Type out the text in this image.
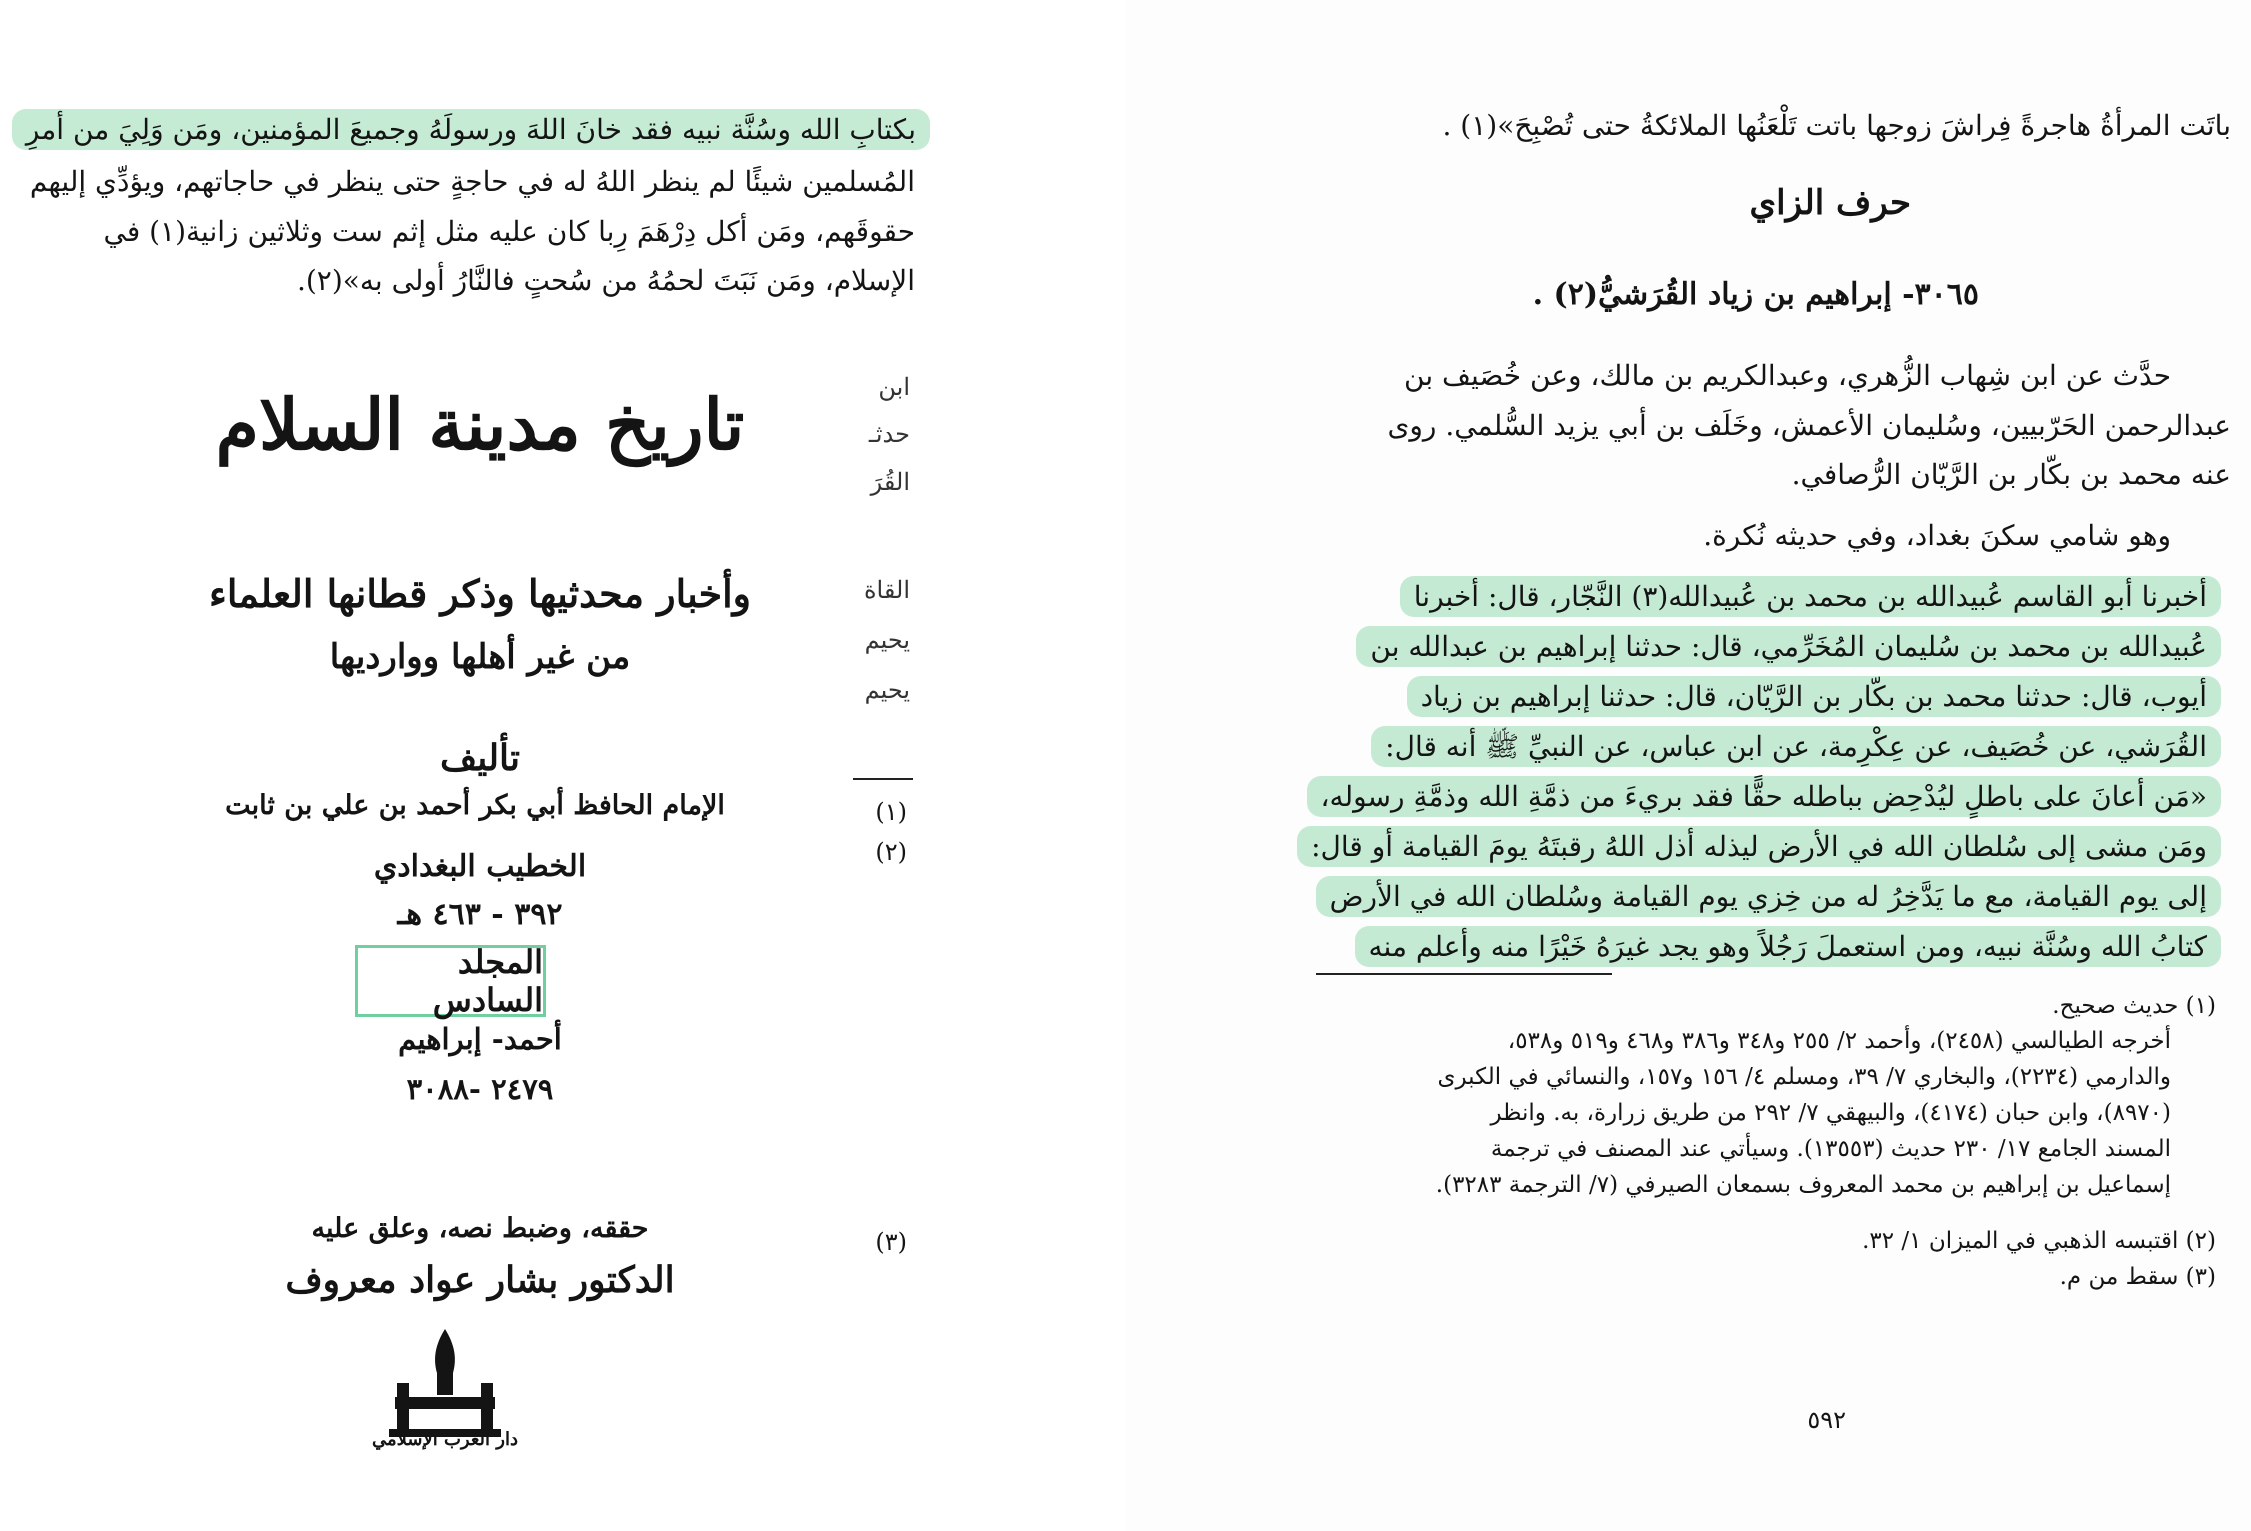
بكتابِ الله وسُنَّة نبيه فقد خانَ اللهَ ورسولَهُ وجميعَ المؤمنين، ومَن وَلِيَ من أمرِ
المُسلمين شيئًا لم ينظر اللهُ له في حاجةٍ حتى ينظر في حاجاتهم، ويؤدِّي إليهم
حقوقَهم، ومَن أكل دِرْهَمَ رِبا كان عليه مثل إثم ست وثلاثين زانية(١) في
الإسلام، ومَن نَبَتَ لحمُهُ من سُحتٍ فالنَّارُ أولى به»(٢).
ابن
حدثـ
القُرَ
القاة
يحيم
يحيم
(١)
(٢)
(٣)
تاريخ مدينة السلام
وأخبار محدثيها وذكر قطانها العلماء
من غير أهلها ووارديها
تأليف
الإمام الحافظ أبي بكر أحمد بن علي بن ثابت
الخطيب البغدادي
٣٩٢ - ٤٦٣ هـ
المجلد السادس
أحمد- إبراهيم
٢٤٧٩ -٣٠٨٨
حققه، وضبط نصه، وعلق عليه
الدكتور بشار عواد معروف
دار الغرب الإسلامي
باتَت المرأةُ هاجرةً فِراشَ زوجها باتت تَلْعَنُها الملائكةُ حتى تُصْبِحَ»(١) .
حرف الزاي
٣٠٦٥- إبراهيم بن زياد القُرَشيُّ(٢) .
حدَّث عن ابن شِهاب الزُّهري، وعبدالكريم بن مالك، وعن خُصَيف بن
عبدالرحمن الحَرّبيين، وسُليمان الأعمش، وخَلَف بن أبي يزيد السُّلمي. روى
عنه محمد بن بكّار بن الرَّيّان الرُّصافي.
وهو شامي سكنَ بغداد، وفي حديثه نُكرة.
أخبرنا أبو القاسم عُبيدالله بن محمد بن عُبيدالله(٣) النَّجّار، قال: أخبرنا
عُبيدالله بن محمد بن سُليمان المُخَرِّمي، قال: حدثنا إبراهيم بن عبدالله بن
أيوب، قال: حدثنا محمد بن بكّار بن الرَّيّان، قال: حدثنا إبراهيم بن زياد
القُرَشي، عن خُصَيف، عن عِكْرِمة، عن ابن عباس، عن النبيِّ ﷺ أنه قال:
«مَن أعانَ على باطلٍ ليُدْحِض بباطله حقًّا فقد بريءَ من ذمَّةِ الله وذمَّةِ رسوله،
ومَن مشى إلى سُلطان الله في الأرض ليذله أذل اللهُ رقبتَهُ يومَ القيامة أو قال:
إلى يوم القيامة، مع ما يَدَّخِرُ له من خِزي يوم القيامة وسُلطان الله في الأرض
كتابُ الله وسُنَّة نبيه، ومن استعملَ رَجُلاً وهو يجد غيرَهُ خَيْرًا منه وأعلم منه
(١) حديث صحيح.
أخرجه الطيالسي (٢٤٥٨)، وأحمد ٢/ ٢٥٥ و٣٤٨ و٣٨٦ و٤٦٨ و٥١٩ و٥٣٨،
والدارمي (٢٢٣٤)، والبخاري ٧/ ٣٩، ومسلم ٤/ ١٥٦ و١٥٧، والنسائي في الكبرى
(٨٩٧٠)، وابن حبان (٤١٧٤)، والبيهقي ٧/ ٢٩٢ من طريق زرارة، به. وانظر
المسند الجامع ١٧/ ٢٣٠ حديث (١٣٥٥٣). وسيأتي عند المصنف في ترجمة
إسماعيل بن إبراهيم بن محمد المعروف بسمعان الصيرفي (٧/ الترجمة ٣٢٨٣).
(٢) اقتبسه الذهبي في الميزان ١/ ٣٢.
(٣) سقط من م.
٥٩٢
